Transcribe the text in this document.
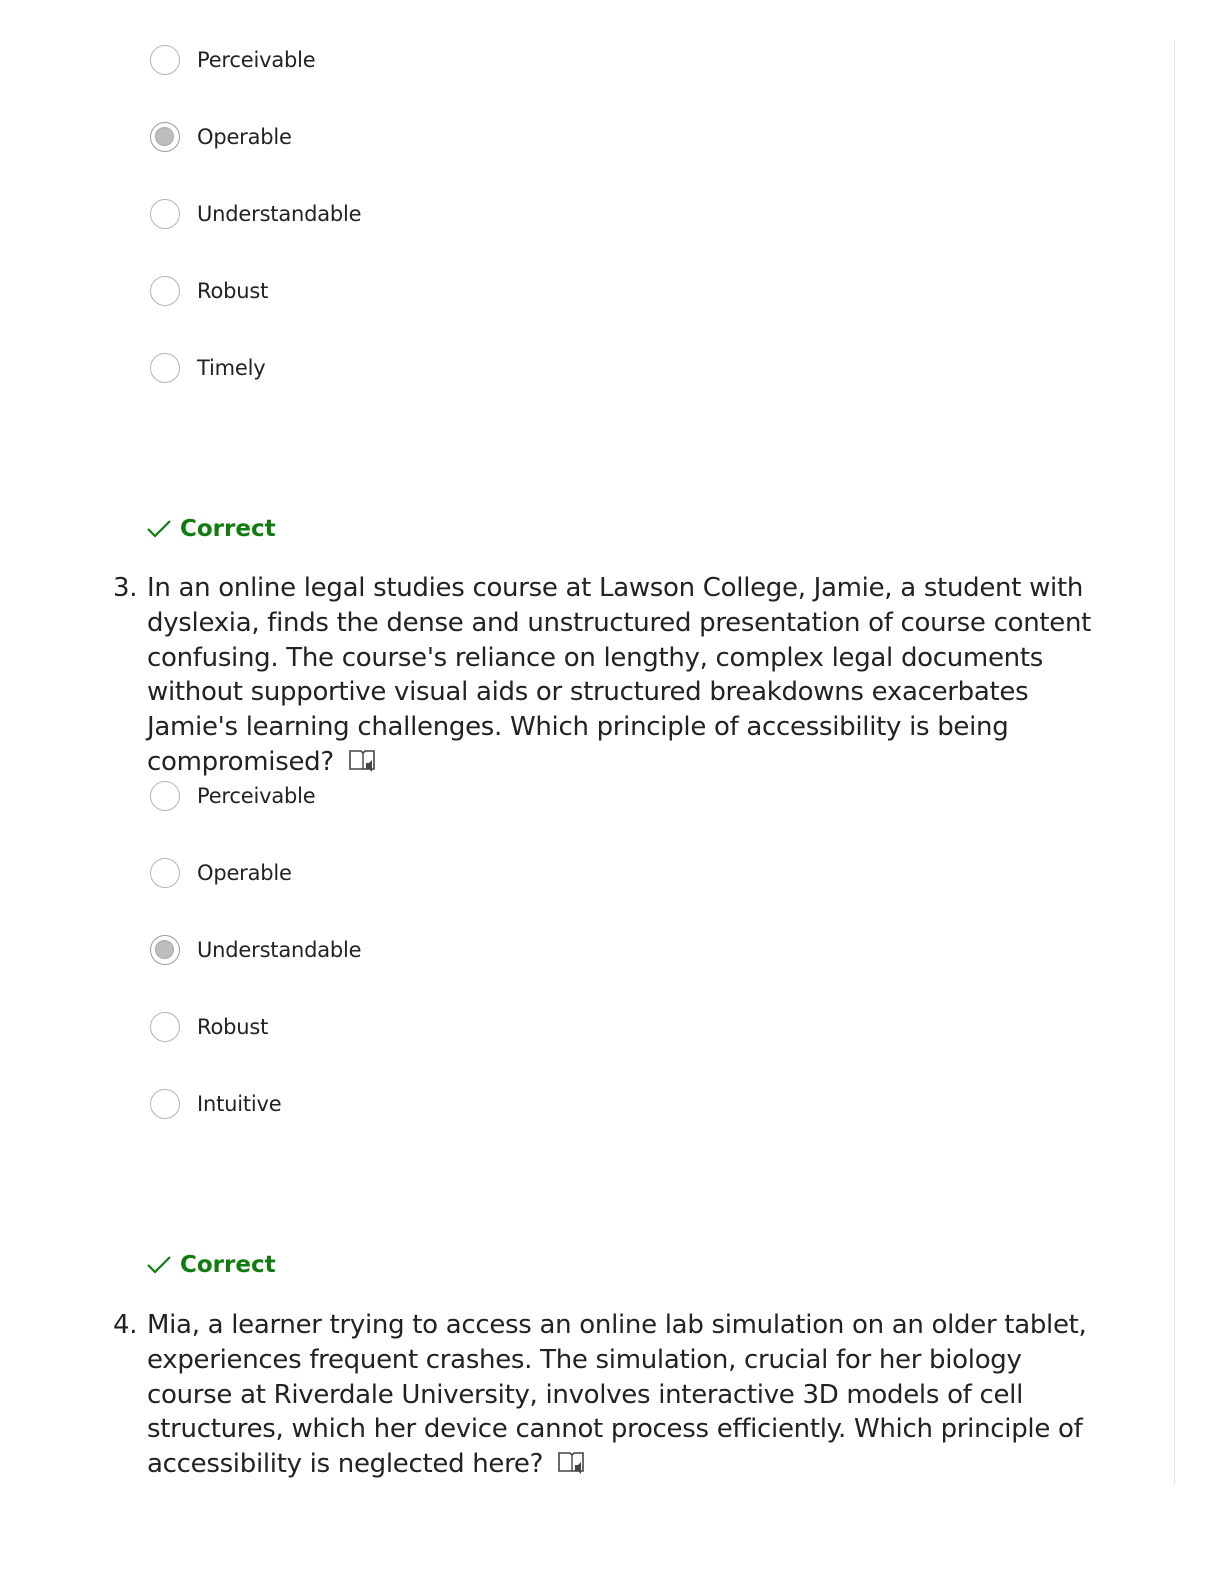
Perceivable
Operable
Understandable
Robust
Timely
Correct
3. In an online legal studies course at Lawson College, Jamie, a student with dyslexia, finds the dense and unstructured presentation of course content confusing. The course's reliance on lengthy, complex legal documents without supportive visual aids or structured breakdowns exacerbates Jamie's learning challenges. Which principle of accessibility is being compromised?
Perceivable
Operable
Understandable
Robust
Intuitive
Correct
4. Mia, a learner trying to access an online lab simulation on an older tablet, experiences frequent crashes. The simulation, crucial for her biology course at Riverdale University, involves interactive 3D models of cell structures, which her device cannot process efficiently. Which principle of accessibility is neglected here?
